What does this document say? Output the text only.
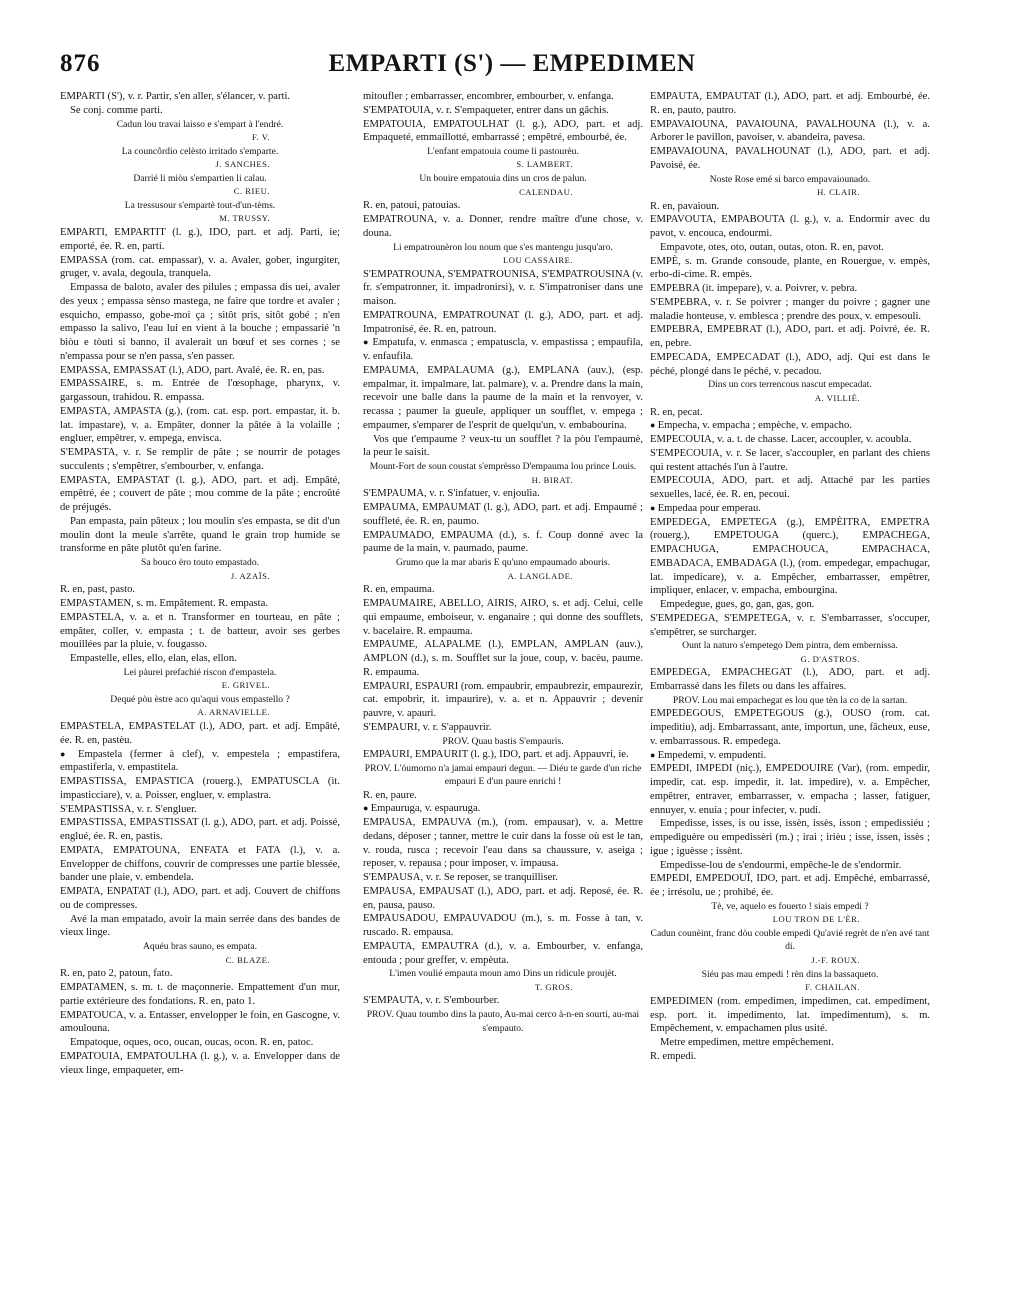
876	EMPARTI (S') — EMPEDIMEN

EMPARTI (S'), v. r. Partir, s'en aller, s'élancer, v. parti.

Se conj. comme parti.

Cadun lou travai laisso e s'empart à l'endré.

F. V.

La councôrdio celèsto irritado s'emparte.

J. SANCHES.

Darrié li miòu s'empartien li calau.

C. RIEU.

La tressusour s'empartè tout-d'un-tèms.

M. TRUSSY.

EMPARTI, EMPARTIT (l. g.), IDO, part. et adj. Parti, ie; emporté, ée. R. en, parti.

EMPASSA (rom. cat. empassar), v. a. Avaler, gober, ingurgiter, gruger, v. avala, degoula, tranquela.

Empassa de baloto, avaler des pilules ; empassa dis uei, avaler des yeux ; empassa sènso mastega, ne faire que tordre et avaler ; esquicho, empasso, gobe-moi ça ; sitôt pris, sitôt gobé ; n'en empasso la salivo, l'eau lui en vient à la bouche ; empassarié 'n biòu e tòuti si banno, il avalerait un bœuf et ses cornes ; se n'empassa pour se n'en passa, s'en passer.

EMPASSA, EMPASSAT (l.), ADO, part. Avalé, ée. R. en, pas.

EMPASSAIRE, s. m. Entrée de l'œsophage, pharynx, v. gargassoun, trahidou. R. empassa.

EMPASTA, AMPASTA (g.), (rom. cat. esp. port. empastar, it. b. lat. impastare), v. a. Empâter, donner la pâtée à la volaille ; engluer, empêtrer, v. empega, envisca.

S'EMPASTA, v. r. Se remplir de pâte ; se nourrir de potages succulents ; s'empêtrer, s'embourber, v. enfanga.

EMPASTA, EMPASTAT (l. g.), ADO, part. et adj. Empâté, empêtré, ée ; couvert de pâte ; mou comme de la pâte ; encroûté de préjugés.

Pan empasta, pain pâteux ; lou moulin s'es empasta, se dit d'un moulin dont la meule s'arrête, quand le grain trop humide se transforme en pâte plutôt qu'en farine.

Sa bouco èro touto empastado.

J. AZAÏS.

R. en, past, pasto.

EMPASTAMEN, s. m. Empâtement. R. empasta.

EMPASTELA, v. a. et n. Transformer en tourteau, en pâte ; empâter, coller, v. empasta ; t. de batteur, avoir ses gerbes mouillées par la pluie, v. fougasso.

Empastelle, elles, ello, elan, elas, ellon.

Lei pàurei prefachié riscon d'empastela.

E. GRIVEL.

Dequé pòu èstre aco qu'aqui vous empastello ?

A. ARNAVIELLE.

EMPASTELA, EMPASTELAT (l.), ADO, part. et adj. Empâté, ée. R. en, pastèu.

● Empastela (fermer à clef), v. empestela ; empastifera, empastiferla, v. empastitela.

EMPASTISSA, EMPASTICA (rouerg.), EMPATUSCLA (it. impasticciare), v. a. Poisser, engluer, v. emplastra.

S'EMPASTISSA, v. r. S'engluer.

EMPASTISSA, EMPASTISSAT (l. g.), ADO, part. et adj. Poissé, englué, ée. R. en, pastis.

EMPATA, EMPATOUNA, ENFATA et FATA (l.), v. a. Envelopper de chiffons, couvrir de compresses une partie blessée, bander une plaie, v. embendela.

EMPATA, ENPATAT (l.), ADO, part. et adj. Couvert de chiffons ou de compresses.

Avé la man empatado, avoir la main serrée dans des bandes de vieux linge.

Aquéu bras sauno, es empata.

C. BLAZE.

R. en, pato 2, patoun, fato.

EMPATAMEN, s. m. t. de maçonnerie. Empattement d'un mur, partie extérieure des fondations. R. en, pato 1.

EMPATOUCA, v. a. Entasser, envelopper le foin, en Gascogne, v. amoulouna.

Empatoque, oques, oco, oucan, oucas, ocon. R. en, patoc.

EMPATOUIA, EMPATOULHA (l. g.), v. a. Envelopper dans de vieux linge, empaqueter, em-

mitoufler ; embarrasser, encombrer, embourber, v. enfanga.

S'EMPATOUIA, v. r. S'empaqueter, entrer dans un gâchis.

EMPATOUIA, EMPATOULHAT (l. g.), ADO, part. et adj. Empaqueté, emmaillotté, embarrassé ; empêtré, embourbé, ée.

L'enfant empatouia coume li pastourèu.

S. LAMBERT.

Un bouire empatouia dins un cros de palun.

CALENDAU.

R. en, patoui, patouias.

EMPATROUNA, v. a. Donner, rendre maître d'une chose, v. douna.

Li empatrounèron lou noum que s'es mantengu jusqu'aro.

LOU CASSAIRE.

S'EMPATROUNA, S'EMPATROUNISA, S'EMPATROUSINA (v. fr. s'empatronner, it. impadronirsi), v. r. S'impatroniser dans une maison.

EMPATROUNA, EMPATROUNAT (l. g.), ADO, part. et adj. Impatronisé, ée. R. en, patroun.

● Empatufa, v. enmasca ; empatuscla, v. empastissa ; empaufila, v. enfaufila.

EMPAUMA, EMPALAUMA (g.), EMPLANA (auv.), (esp. empalmar, it. impalmare, lat. palmare), v. a. Prendre dans la main, recevoir une balle dans la paume de la main et la renvoyer, v. recassa ; paumer la gueule, appliquer un soufflet, v. empega ; empaumer, s'emparer de l'esprit de quelqu'un, v. embabourina.

Vos que t'empaume ? veux-tu un soufflet ? la pòu l'empaumè, la peur le saisit.

Mount-Fort de soun coustat s'emprèsso D'empauma lou prince Louis.

H. BIRAT.

S'EMPAUMA, v. r. S'infatuer, v. enjoulia.

EMPAUMA, EMPAUMAT (l. g.), ADO, part. et adj. Empaumé ; souffleté, ée. R. en, paumo.

EMPAUMADO, EMPAUMA (d.), s. f. Coup donné avec la paume de la main, v. paumado, paume.

Grumo que la mar abaris E qu'uno empaumado abouris.

A. LANGLADE.

R. en, empauma.

EMPAUMAIRE, ABELLO, AIRIS, AIRO, s. et adj. Celui, celle qui empaume, emboiseur, v. enganaire ; qui donne des soufflets, v. bacelaire. R. empauma.

EMPAUME, ALAPALME (l.), EMPLAN, AMPLAN (auv.), AMPLON (d.), s. m. Soufflet sur la joue, coup, v. bacèu, paume. R. empauma.

EMPAURI, ESPAURI (rom. empaubrir, empaubrezir, empaurezir, cat. empobrir, it. impaurire), v. a. et n. Appauvrir ; devenir pauvre, v. apauri.

S'EMPAURI, v. r. S'appauvrir.

PROV. Quau bastis S'empauris.

EMPAURI, EMPAURIT (l. g.), IDO, part. et adj. Appauvri, ie.

PROV. L'óumorno n'a jamai empauri degun. — Diéu te garde d'un riche empauri E d'un paure enrichi !

R. en, paure.

● Empauruga, v. espauruga.

EMPAUSA, EMPAUVA (m.), (rom. empausar), v. a. Mettre dedans, déposer ; tanner, mettre le cuir dans la fosse où est le tan, v. rouda, rusca ; recevoir l'eau dans sa chaussure, v. aseiga ; reposer, v. repausa ; pour imposer, v. impausa.

S'EMPAUSA, v. r. Se reposer, se tranquilliser.

EMPAUSA, EMPAUSAT (l.), ADO, part. et adj. Reposé, ée. R. en, pausa, pauso.

EMPAUSADOU, EMPAUVADOU (m.), s. m. Fosse à tan, v. ruscado. R. empausa.

EMPAUTA, EMPAUTRA (d.), v. a. Embourber, v. enfanga, entouda ; pour greffer, v. empèuta.

L'imen voulié empauta moun amo Dins un ridicule proujèt.

T. GROS.

S'EMPAUTA, v. r. S'embourber.

PROV. Quau toumbo dins la pauto, Au-mai cerco à-n-en sourti, au-mai s'empauto.

EMPAUTA, EMPAUTAT (l.), ADO, part. et adj. Embourbé, ée. R. en, pauto, pautro.

EMPAVAIOUNA, PAVAIOUNA, PAVALHOUNA (l.), v. a. Arborer le pavillon, pavoiser, v. abandeira, pavesa.

EMPAVAIOUNA, PAVALHOUNAT (l.), ADO, part. et adj. Pavoisé, ée.

Noste Rose emé si barco empavaiounado.

H. CLAIR.

R. en, pavaioun.

EMPAVOUTA, EMPABOUTA (l. g.), v. a. Endormir avec du pavot, v. encouca, endourmi.

Empavote, otes, oto, outan, outas, oton. R. en, pavot.

EMPÈ, s. m. Grande consoude, plante, en Rouergue, v. empès, erbo-di-cime. R. empès.

EMPEBRA (it. impepare), v. a. Poivrer, v. pebra.

S'EMPEBRA, v. r. Se poivrer ; manger du poivre ; gagner une maladie honteuse, v. emblesca ; prendre des poux, v. empesouli.

EMPEBRA, EMPEBRAT (l.), ADO, part. et adj. Poivré, ée. R. en, pebre.

EMPECADA, EMPECADAT (l.), ADO, adj. Qui est dans le péché, plongé dans le péché, v. pecadou.

Dins un cors terrencous nascut empecadat.

A. VILLIÉ.

R. en, pecat.

● Empecha, v. empacha ; empèche, v. empacho.

EMPECOUIA, v. a. t. de chasse. Lacer, accoupler, v. acoubla.

S'EMPECOUIA, v. r. Se lacer, s'accoupler, en parlant des chiens qui restent attachés l'un à l'autre.

EMPECOUIA, ADO, part. et adj. Attaché par les parties sexuelles, lacé, ée. R. en, pecoui.

● Empedaa pour emperau.

EMPEDEGA, EMPETEGA (g.), EMPÈITRA, EMPETRA (rouerg.), EMPETOUGA (querc.), EMPACHEGA, EMPACHUGA, EMPACHOUCA, EMPACHACA, EMBADACA, EMBADAGA (l.), (rom. empedegar, empachugar, lat. impedicare), v. a. Empêcher, embarrasser, empêtrer, impliquer, enlacer, v. empacha, embourgina.

Empedegue, gues, go, gan, gas, gon.

S'EMPEDEGA, S'EMPETEGA, v. r. S'embarrasser, s'occuper, s'empêtrer, se surcharger.

Ount la naturo s'empetego Dem pintra, dem embernissa.

G. D'ASTROS.

EMPEDEGA, EMPACHEGAT (l.), ADO, part. et adj. Embarrassé dans les filets ou dans les affaires.

PROV. Lou mai empachegat es lou que tèn la co de la sartan.

EMPEDEGOUS, EMPETEGOUS (g.), OUSO (rom. cat. impeditiu), adj. Embarrassant, ante, importun, une, fâcheux, euse, v. embarrassous. R. empedega.

● Empedemi, v. empudenti.

EMPEDI, IMPEDI (niç.), EMPEDOUIRE (Var), (rom. empedir, impedir, cat. esp. impedir, it. lat. impedire), v. a. Empêcher, empêtrer, entraver, embarrasser, v. empacha ; lasser, fatiguer, ennuyer, v. enuia ; pour infecter, v. pudi.

Empedisse, isses, is ou isse, issèn, issès, isson ; empedissiéu ; empediguère ou empedissèri (m.) ; irai ; irièu ; isse, issen, issès ; igue ; iguèsse ; issènt.

Empedisse-lou de s'endourmi, empêche-le de s'endormir.

EMPEDI, EMPEDOUÏ, IDO, part. et adj. Empêché, embarrassé, ée ; irrésolu, ue ; prohibé, ée.

Tè, ve, aquelo es fouerto ! siais empedi ?

LOU TRON DE L'ÈR.

Cadun counèint, franc dòu couble empedi Qu'avié regrèt de n'en avé tant di.

J.-F. ROUX.

Siéu pas mau empedi ! rèn dins la bassaqueto.

F. CHAILAN.

EMPEDIMEN (rom. empedimen, impedimen, cat. empediment, esp. port. it. impedimento, lat. impedimentum), s. m. Empêchement, v. empachamen plus usité.

Metre empedimen, mettre empêchement.

R. empedi.
